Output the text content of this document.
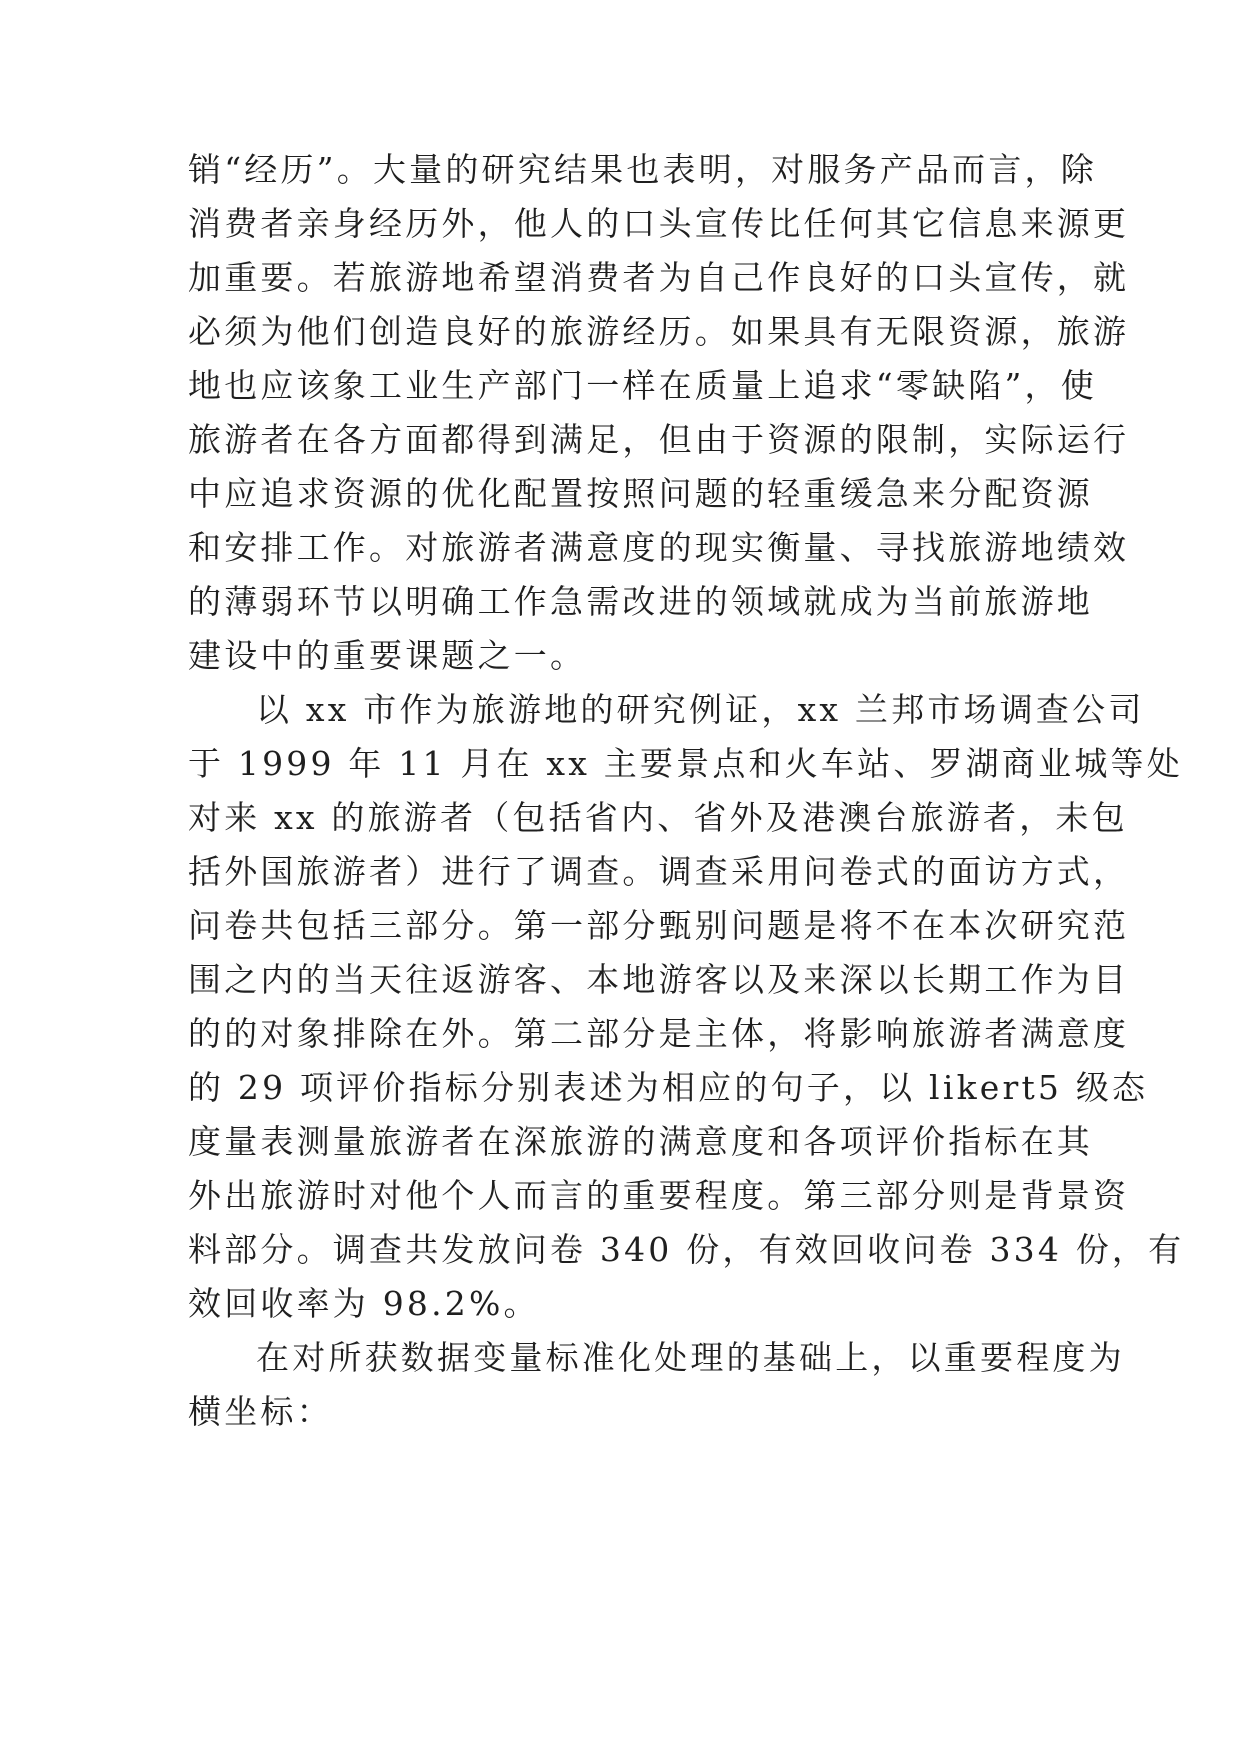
销“经历”。大量的研究结果也表明，对服务产品而言，除
消费者亲身经历外，他人的口头宣传比任何其它信息来源更
加重要。若旅游地希望消费者为自己作良好的口头宣传，就
必须为他们创造良好的旅游经历。如果具有无限资源，旅游
地也应该象工业生产部门一样在质量上追求“零缺陷”，使
旅游者在各方面都得到满足，但由于资源的限制，实际运行
中应追求资源的优化配置按照问题的轻重缓急来分配资源
和安排工作。对旅游者满意度的现实衡量、寻找旅游地绩效
的薄弱环节以明确工作急需改进的领域就成为当前旅游地
建设中的重要课题之一。
以 xx 市作为旅游地的研究例证，xx 兰邦市场调查公司
于 1999 年 11 月在 xx 主要景点和火车站、罗湖商业城等处
对来 xx 的旅游者（包括省内、省外及港澳台旅游者，未包
括外国旅游者）进行了调查。调查采用问卷式的面访方式，
问卷共包括三部分。第一部分甄别问题是将不在本次研究范
围之内的当天往返游客、本地游客以及来深以长期工作为目
的的对象排除在外。第二部分是主体，将影响旅游者满意度
的 29 项评价指标分别表述为相应的句子，以 likert5 级态
度量表测量旅游者在深旅游的满意度和各项评价指标在其
外出旅游时对他个人而言的重要程度。第三部分则是背景资
料部分。调查共发放问卷 340 份，有效回收问卷 334 份，有
效回收率为 98.2%。
在对所获数据变量标准化处理的基础上，以重要程度为
横坐标：
